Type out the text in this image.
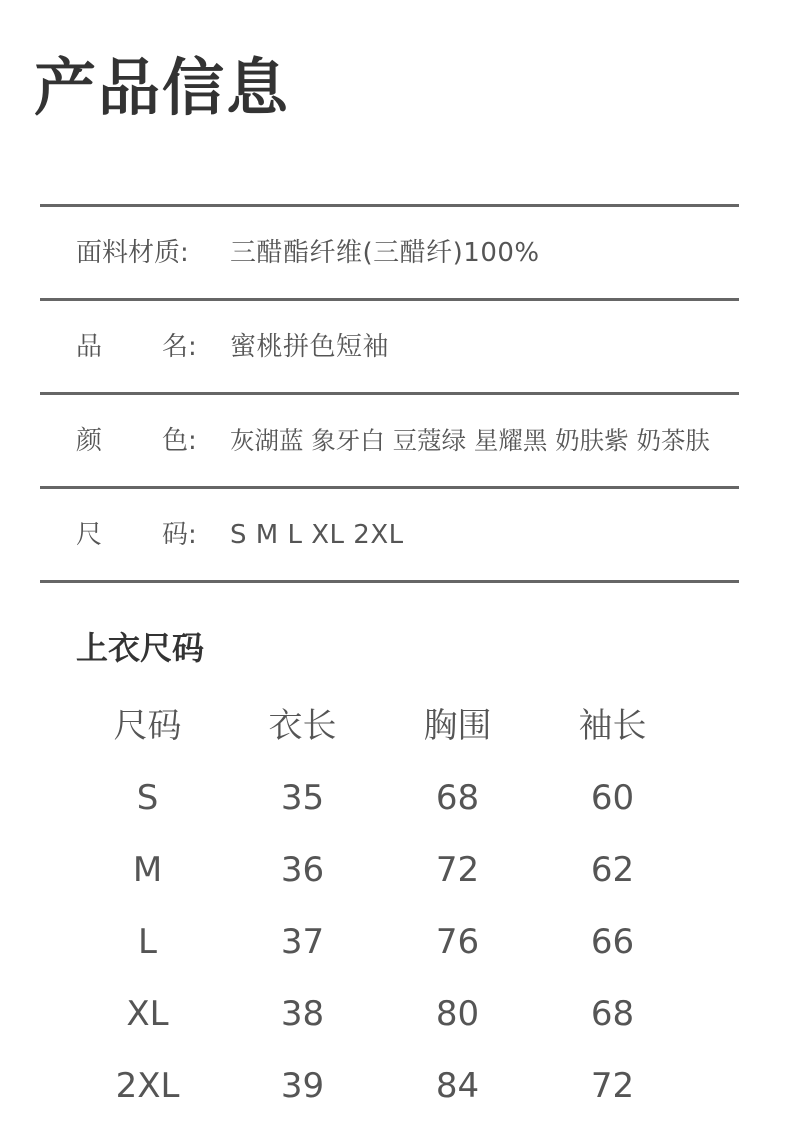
产品信息
面料材质: 三醋酯纤维(三醋纤)100%
品 名: 蜜桃拼色短袖
颜 色: 灰湖蓝 象牙白 豆蔻绿 星耀黑 奶肤紫 奶茶肤
尺 码: S M L XL 2XL
上衣尺码
尺码	衣长	胸围	袖长
S	35	68	60
M	36	72	62
L	37	76	66
XL	38	80	68
2XL	39	84	72
